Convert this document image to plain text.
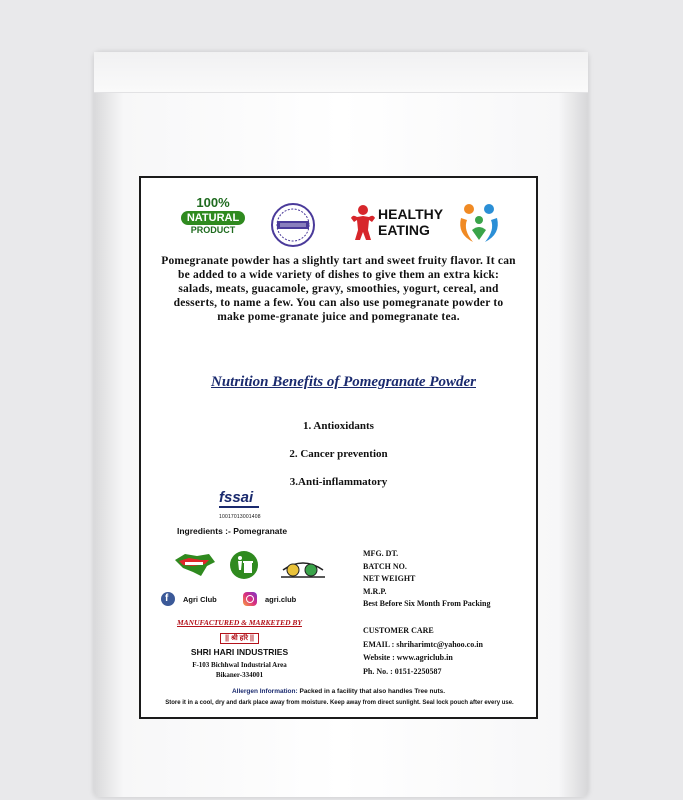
100%
NATURAL
PRODUCT
HEALTHY
EATING
Pomegranate powder has a slightly tart and sweet fruity flavor. It can be added to a wide variety of dishes to give them an extra kick: salads, meats, guacamole, gravy, smoothies, yogurt, cereal, and desserts, to name a few. You can also use pomegranate powder to make pome-granate juice and pomegranate tea.
Nutrition Benefits of Pomegranate Powder
1. Antioxidants
2. Cancer prevention
3.Anti-inflammatory
fssai
10017013001408
Ingredients :- Pomegranate
f Agri Club	agri.club
MANUFACTURED & MARKETED BY
|| श्री हरि ||
SHRI HARI INDUSTRIES
F-103 Bichhwal Industrial Area
Bikaner-334001
MFG. DT.
BATCH NO.
NET WEIGHT
M.R.P.
Best Before Six Month From Packing
CUSTOMER CARE
EMAIL : shriharimtc@yahoo.co.in
Website : www.agriclub.in
Ph. No. : 0151-2250587
Allergen Information: Packed in a facility that also handles Tree nuts.
Store it in a cool, dry and dark place away from moisture. Keep away from direct sunlight. Seal lock pouch after every use.
